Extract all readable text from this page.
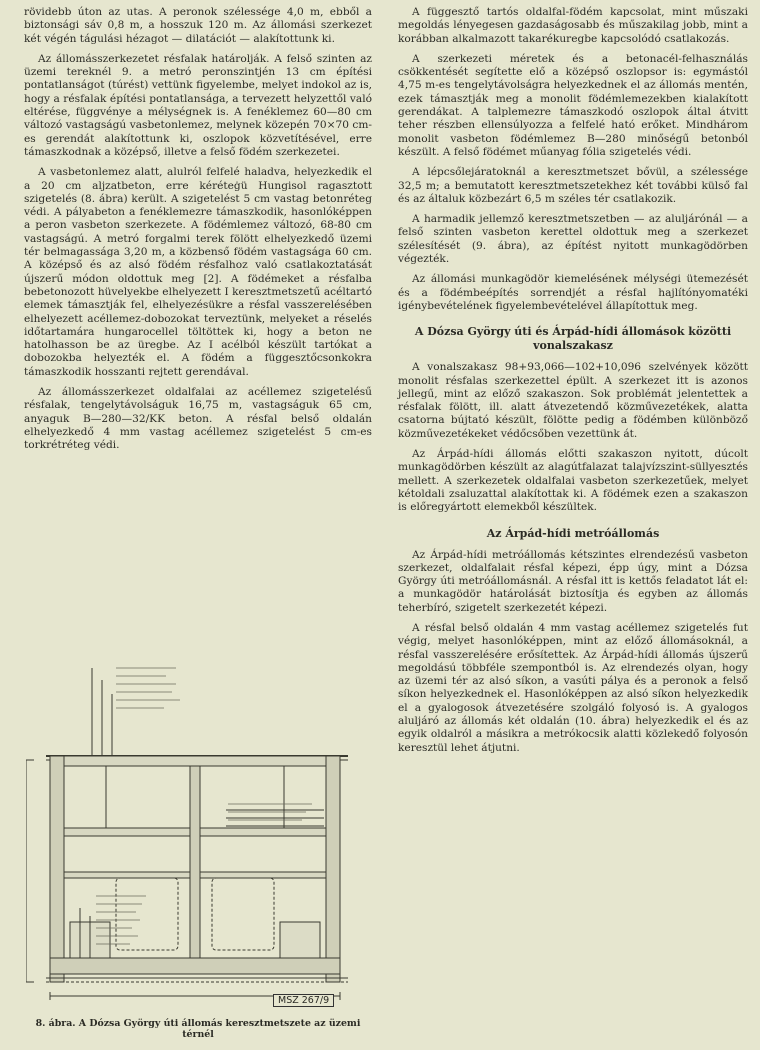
rövidebb úton az utas. A peronok szélessége 4,0 m, ebből a biztonsági sáv 0,8 m, a hosszuk 120 m. Az állomási szerkezet két végén tágulási hézagot — dilatációt — alakítottunk ki.

Az állomásszerkezetet résfalak határolják. A felső szinten az üzemi tereknél 9. a metró peronszintjén 13 cm építési pontatlanságot (túrést) vettünk figyelembe, melyet indokol az is, hogy a résfalak építési pontatlansága, a tervezett helyzettől való eltérése, függvénye a mélységnek is. A fenéklemez 60—80 cm változó vastagságú vasbetonlemez, melynek közepén 70×70 cm-es gerendát alakítottunk ki, oszlopok közvetítésével, erre támaszkodnak a középső, illetve a felső födém szerkezetei.

A vasbetonlemez alatt, alulról felfelé haladva, helyezkedik el a 20 cm aljzatbeton, erre kéréteġü Hungisol ragasztott szigetelés (8. ábra) került. A szigetelést 5 cm vastag betonréteg védi. A pályabeton a fenéklemezre támaszkodik, hasonlóképpen a peron vasbeton szerkezete. A födémlemez változó, 68-80 cm vastagságú. A metró forgalmi terek fölött elhelyezkedő üzemi tér belmagassága 3,20 m, a közbenső födém vastagsága 60 cm. A középső és az alsó födém résfalhoz való csatlakoztatását újszerű módon oldottuk meg [2]. A födémeket a résfalba bebetonozott hüvelyekbe elhelyezett I keresztmetszetű acéltartó elemek támasztják fel, elhelyezésükre a résfal vasszerelésében elhelyezett acéllemez-dobozokat terveztünk, melyeket a réselés időtartamára hungarocellel töltöttek ki, hogy a beton ne hatolhasson be az üregbe. Az I acélból készült tartókat a dobozokba helyezték el. A födém a függesztőcsonkokra támaszkodik hosszanti rejtett gerendával.

Az állomásszerkezet oldalfalai az acéllemez szigetelésű résfalak, tengelytávolságuk 16,75 m, vastagságuk 65 cm, anyaguk B—280—32/KK beton. A résfal belső oldalán elhelyezkedő 4 mm vastag acéllemez szigetelést 5 cm-es torkrétréteg védi.

MSZ 267/9
8. ábra. A Dózsa György úti állomás keresztmetszete az üzemi térnél

A függesztő tartós oldalfal-födém kapcsolat, mint műszaki megoldás lényegesen gazdaságosabb és műszakilag jobb, mint a korábban alkalmazott takarékuregbe kapcsolódó csatlakozás.

A szerkezeti méretek és a betonacél-felhasználás csökkentését segítette elő a középső oszlopsor is: egymástól 4,75 m-es tengelytávolságra helyezkednek el az állomás mentén, ezek támasztják meg a monolit födémlemezekben kialakított gerendákat. A talplemezre támaszkodó oszlopok által átvitt teher részben ellensúlyozza a felfelé ható erőket. Mindhárom monolit vasbeton födémlemez B—280 minőségű betonból készült. A felső födémet műanyag fólia szigetelés védi.

A lépcsőlejáratoknál a keresztmetszet bővül, a szélessége 32,5 m; a bemutatott keresztmetszetekhez két további külső fal és az általuk közbezárt 6,5 m széles tér csatlakozik.

A harmadik jellemző keresztmetszetben — az aluljárónál — a felső szinten vasbeton kerettel oldottuk meg a szerkezet szélesítését (9. ábra), az építést nyitott munkagödörben végezték.

Az állomási munkagödör kiemelésének mélységi ütemezését és a födémbeépítés sorrendjét a résfal hajlítónyomatéki igénybevételének figyelembevételével állapítottuk meg.

A Dózsa György úti és Árpád-hídi állomások közötti vonalszakasz

A vonalszakasz 98+93,066—102+10,096 szelvények között monolit résfalas szerkezettel épült. A szerkezet itt is azonos jellegű, mint az előző szakaszon. Sok problémát jelentettek a résfalak fölött, ill. alatt átvezetendő közművezetékek, alatta csatorna bújtató készült, fölötte pedig a födémben különböző közművezetékeket védőcsőben vezettünk át.

Az Árpád-hídi állomás előtti szakaszon nyitott, dúcolt munkagödörben készült az alagútfalazat talajvízszint-süllyesztés mellett. A szerkezetek oldalfalai vasbeton szerkezetűek, melyet kétoldali zsaluzattal alakítottak ki. A födémek ezen a szakaszon is előregyártott elemekből készültek.

Az Árpád-hídi metróállomás

Az Árpád-hídi metróállomás kétszintes elrendezésű vasbeton szerkezet, oldalfalait résfal képezi, épp úgy, mint a Dózsa György úti metróállomásnál. A résfal itt is kettős feladatot lát el: a munkagödör határolását biztosítja és egyben az állomás teherbíró, szigetelt szerkezetét képezi.

A résfal belső oldalán 4 mm vastag acéllemez szigetelés fut végig, melyet hasonlóképpen, mint az előző állomásoknál, a résfal vasszerelésére erősítettek. Az Árpád-hídi állomás újszerű megoldású többféle szempontból is. Az elrendezés olyan, hogy az üzemi tér az alsó síkon, a vasúti pálya és a peronok a felső síkon helyezkednek el. Hasonlóképpen az alsó síkon helyezkedik el a gyalogosok átvezetésére szolgáló folyosó is. A gyalogos aluljáró az állomás két oldalán (10. ábra) helyezkedik el és az egyik oldalról a másikra a metrókocsik alatti közlekedő folyosón keresztül lehet átjutni.
